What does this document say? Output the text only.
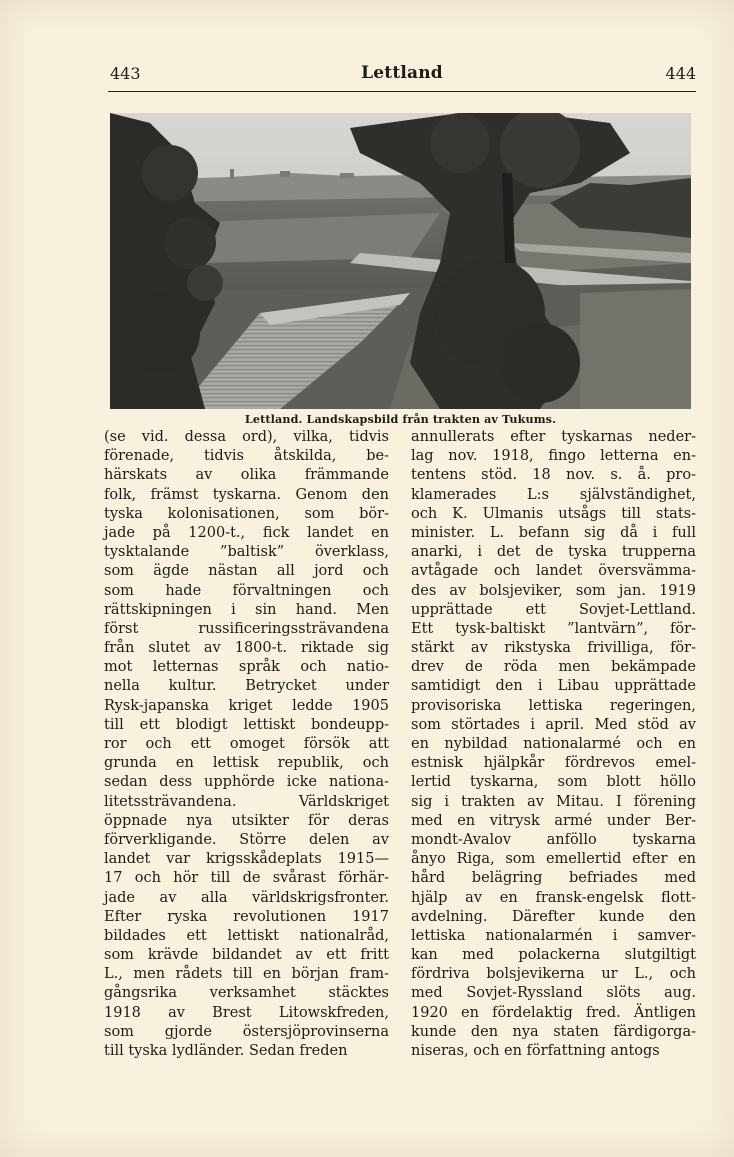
443	Lettland	444
Lettland. Landskapsbild från trakten av Tukums.
(se vid. dessa ord), vilka, tidvis
förenade, tidvis åtskilda, be-
härskats av olika främmande
folk, främst tyskarna. Genom den
tyska kolonisationen, som bör-
jade på 1200-t., fick landet en
tysktalande ”baltisk” överklass,
som ägde nästan all jord och
som hade förvaltningen och
rättskipningen i sin hand. Men
först russificeringssträvandena
från slutet av 1800-t. riktade sig
mot letternas språk och natio-
nella kultur. Betrycket under
Rysk-japanska kriget ledde 1905
till ett blodigt lettiskt bondeupp-
ror och ett omoget försök att
grunda en lettisk republik, och
sedan dess upphörde icke nationa-
litetssträvandena. Världskriget
öppnade nya utsikter för deras
förverkligande. Större delen av
landet var krigsskådeplats 1915—
17 och hör till de svårast förhär-
jade av alla världskrigsfronter.
Efter ryska revolutionen 1917
bildades ett lettiskt nationalråd,
som krävde bildandet av ett fritt
L., men rådets till en början fram-
gångsrika verksamhet stäcktes
1918 av Brest Litowskfreden,
som gjorde östersjöprovinserna
till tyska lydländer. Sedan freden
annullerats efter tyskarnas neder-
lag nov. 1918, fingo letterna en-
tentens stöd. 18 nov. s. å. pro-
klamerades L:s självständighet,
och K. Ulmanis utsågs till stats-
minister. L. befann sig då i full
anarki, i det de tyska trupperna
avtågade och landet översvämma-
des av bolsjeviker, som jan. 1919
upprättade ett Sovjet-Lettland.
Ett tysk-baltiskt ”lantvärn”, för-
stärkt av rikstyska frivilliga, för-
drev de röda men bekämpade
samtidigt den i Libau upprättade
provisoriska lettiska regeringen,
som störtades i april. Med stöd av
en nybildad nationalarmé och en
estnisk hjälpkår fördrevos emel-
lertid tyskarna, som blott höllo
sig i trakten av Mitau. I förening
med en vitrysk armé under Ber-
mondt-Avalov anföllo tyskarna
ånyo Riga, som emellertid efter en
hård belägring befriades med
hjälp av en fransk-engelsk flott-
avdelning. Därefter kunde den
lettiska nationalarmén i samver-
kan med polackerna slutgiltigt
fördriva bolsjevikerna ur L., och
med Sovjet-Ryssland slöts aug.
1920 en fördelaktig fred. Äntligen
kunde den nya staten färdigorga-
niseras, och en författning antogs
